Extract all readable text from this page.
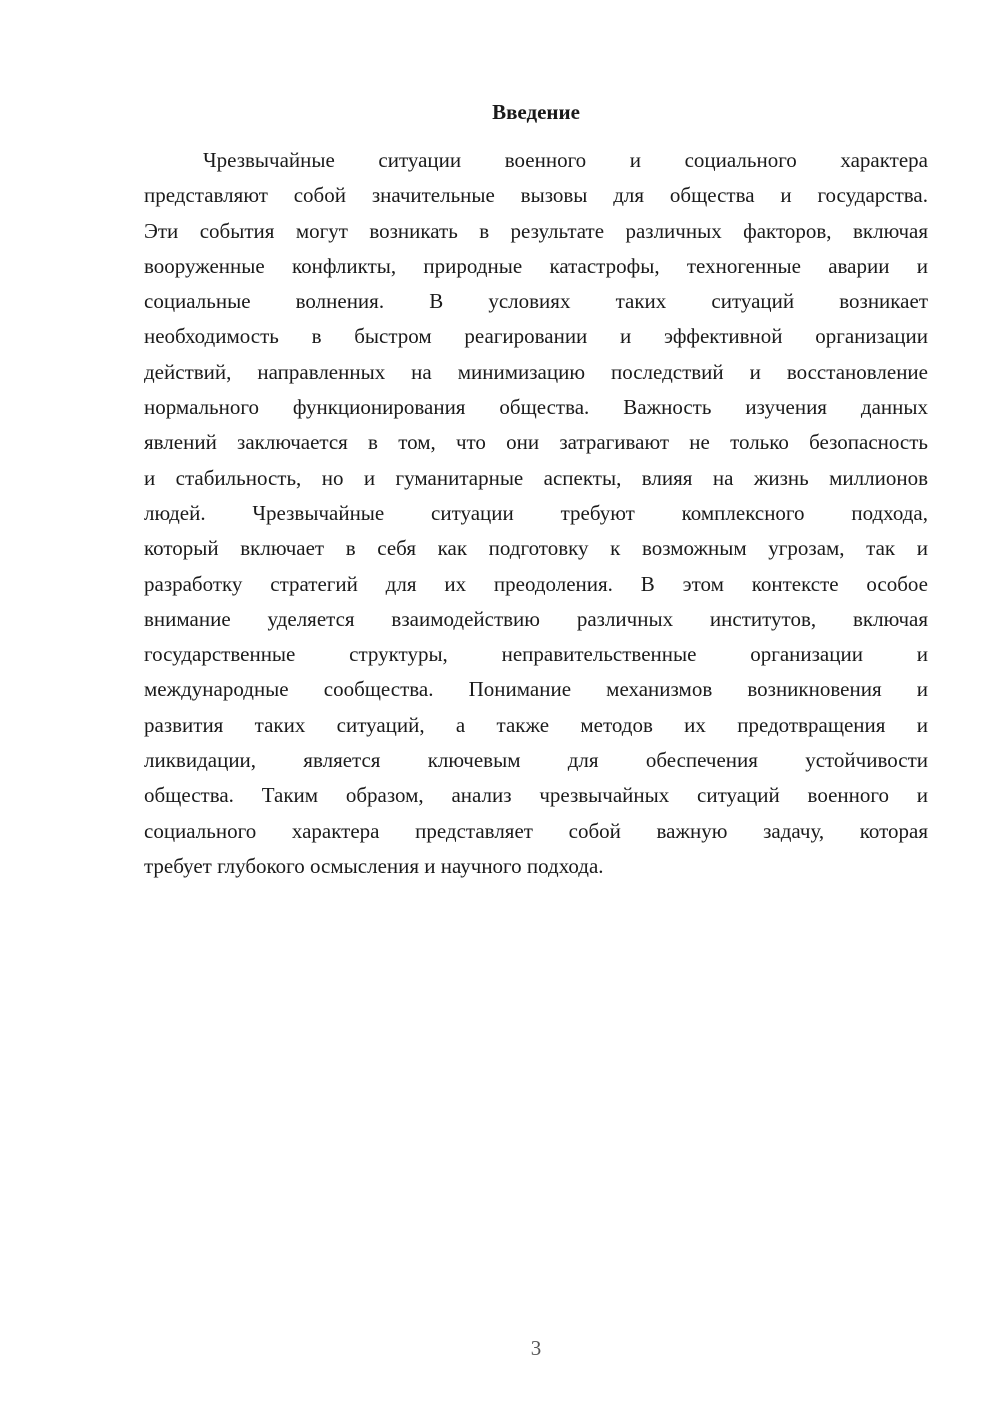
Введение
Чрезвычайные ситуации военного и социального характера
представляют собой значительные вызовы для общества и государства.
Эти события могут возникать в результате различных факторов, включая
вооруженные конфликты, природные катастрофы, техногенные аварии и
социальные волнения. В условиях таких ситуаций возникает
необходимость в быстром реагировании и эффективной организации
действий, направленных на минимизацию последствий и восстановление
нормального функционирования общества. Важность изучения данных
явлений заключается в том, что они затрагивают не только безопасность
и стабильность, но и гуманитарные аспекты, влияя на жизнь миллионов
людей. Чрезвычайные ситуации требуют комплексного подхода,
который включает в себя как подготовку к возможным угрозам, так и
разработку стратегий для их преодоления. В этом контексте особое
внимание уделяется взаимодействию различных институтов, включая
государственные структуры, неправительственные организации и
международные сообщества. Понимание механизмов возникновения и
развития таких ситуаций, а также методов их предотвращения и
ликвидации, является ключевым для обеспечения устойчивости
общества. Таким образом, анализ чрезвычайных ситуаций военного и
социального характера представляет собой важную задачу, которая
требует глубокого осмысления и научного подхода.
3
